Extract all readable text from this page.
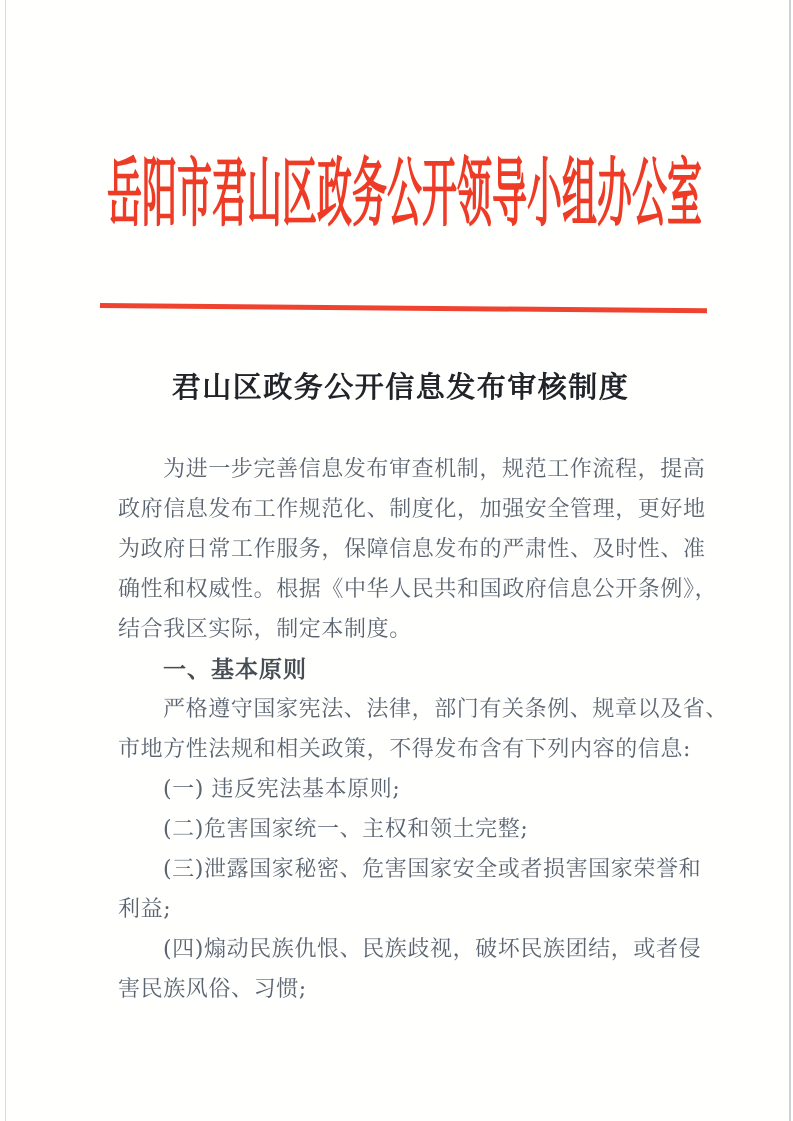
岳阳市君山区政务公开领导小组办公室
君山区政务公开信息发布审核制度
为进一步完善信息发布审查机制，规范工作流程，提高
政府信息发布工作规范化、制度化，加强安全管理，更好地
为政府日常工作服务，保障信息发布的严肃性、及时性、准
确性和权威性。根据《中华人民共和国政府信息公开条例》，
结合我区实际，制定本制度。
一、基本原则
严格遵守国家宪法、法律，部门有关条例、规章以及省、
市地方性法规和相关政策，不得发布含有下列内容的信息:
(一) 违反宪法基本原则;
(二)危害国家统一、主权和领土完整;
(三)泄露国家秘密、危害国家安全或者损害国家荣誉和
利益;
(四)煽动民族仇恨、民族歧视，破坏民族团结，或者侵
害民族风俗、习惯;
